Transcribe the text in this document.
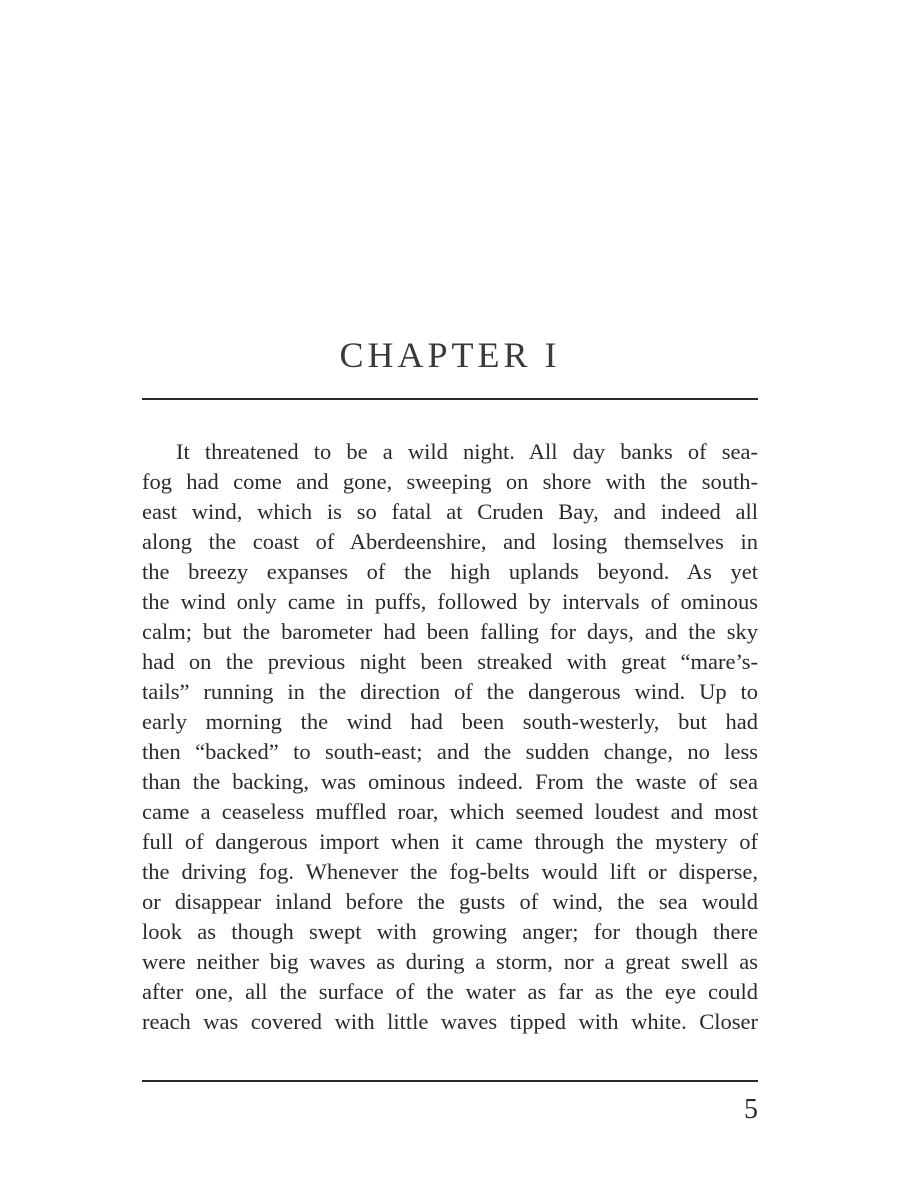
CHAPTER I
It threatened to be a wild night. All day banks of sea-
fog had come and gone, sweeping on shore with the south-
east wind, which is so fatal at Cruden Bay, and indeed all
along the coast of Aberdeenshire, and losing themselves in
the breezy expanses of the high uplands beyond. As yet
the wind only came in puffs, followed by intervals of ominous
calm; but the barometer had been falling for days, and the sky
had on the previous night been streaked with great “mare’s-
tails” running in the direction of the dangerous wind. Up to
early morning the wind had been south-westerly, but had
then “backed” to south-east; and the sudden change, no less
than the backing, was ominous indeed. From the waste of sea
came a ceaseless muffled roar, which seemed loudest and most
full of dangerous import when it came through the mystery of
the driving fog. Whenever the fog-belts would lift or disperse,
or disappear inland before the gusts of wind, the sea would
look as though swept with growing anger; for though there
were neither big waves as during a storm, nor a great swell as
after one, all the surface of the water as far as the eye could
reach was covered with little waves tipped with white. Closer
5
